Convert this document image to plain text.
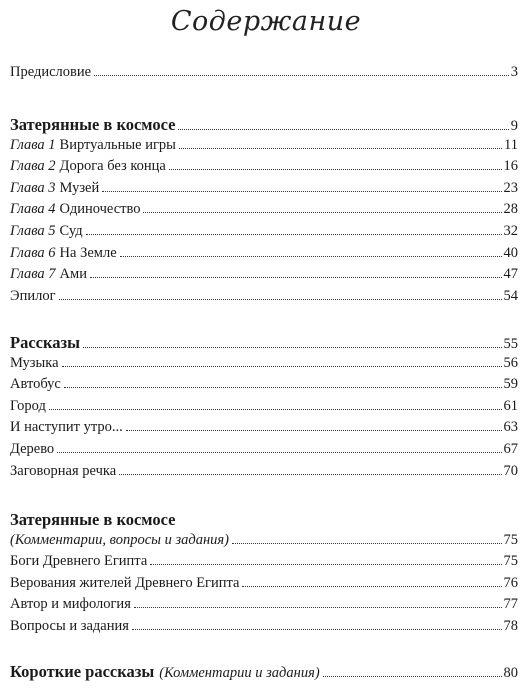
Содержание
Предисловие	3
Затерянные в космосе	9
Глава 1 Виртуальные игры	11
Глава 2 Дорога без конца	16
Глава 3 Музей	23
Глава 4 Одиночество	28
Глава 5 Суд	32
Глава 6 На Земле	40
Глава 7 Ами	47
Эпилог	54
Рассказы	55
Музыка	56
Автобус	59
Город	61
И наступит утро...	63
Дерево	67
Заговорная речка	70
Затерянные в космосе
(Комментарии, вопросы и задания)	75
Боги Древнего Египта	75
Верования жителей Древнего Египта	76
Автор и мифология	77
Вопросы и задания	78
Короткие рассказы (Комментарии и задания)	80
